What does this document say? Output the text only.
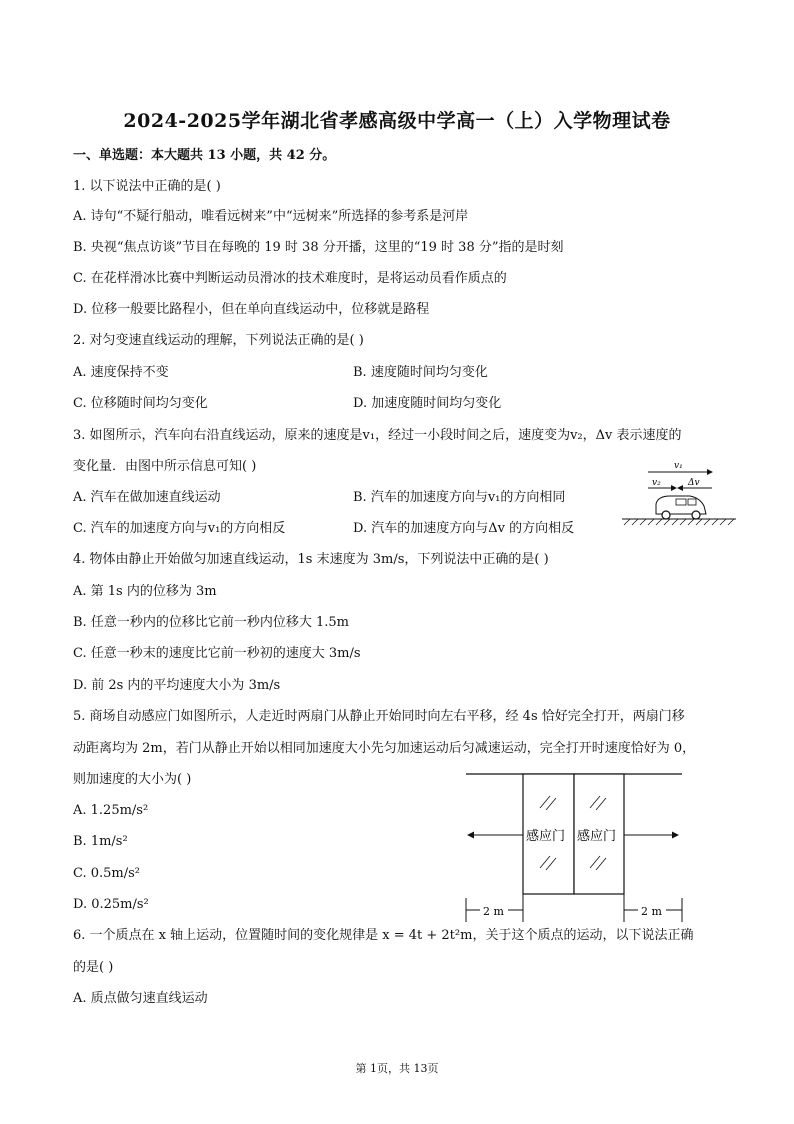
2024-2025学年湖北省孝感高级中学高一（上）入学物理试卷
一、单选题：本大题共 13 小题，共 42 分。
1. 以下说法中正确的是( )
A. 诗句“不疑行船动，唯看远树来”中“远树来”所选择的参考系是河岸
B. 央视“焦点访谈”节目在每晚的 19 时 38 分开播，这里的“19 时 38 分”指的是时刻
C. 在花样滑冰比赛中判断运动员滑冰的技术难度时，是将运动员看作质点的
D. 位移一般要比路程小，但在单向直线运动中，位移就是路程
2. 对匀变速直线运动的理解，下列说法正确的是( )
A. 速度保持不变	B. 速度随时间均匀变化
C. 位移随时间均匀变化	D. 加速度随时间均匀变化
3. 如图所示，汽车向右沿直线运动，原来的速度是v₁，经过一小段时间之后，速度变为v₂，Δv 表示速度的
变化量．由图中所示信息可知( )
A. 汽车在做加速直线运动	B. 汽车的加速度方向与v₁的方向相同
C. 汽车的加速度方向与v₁的方向相反	D. 汽车的加速度方向与Δv 的方向相反
v₁
v₂	Δv
4. 物体由静止开始做匀加速直线运动，1s 末速度为 3m/s，下列说法中正确的是( )
A. 第 1s 内的位移为 3m
B. 任意一秒内的位移比它前一秒内位移大 1.5m
C. 任意一秒末的速度比它前一秒初的速度大 3m/s
D. 前 2s 内的平均速度大小为 3m/s
5. 商场自动感应门如图所示，人走近时两扇门从静止开始同时向左右平移，经 4s 恰好完全打开，两扇门移
动距离均为 2m，若门从静止开始以相同加速度大小先匀加速运动后匀减速运动，完全打开时速度恰好为 0，
则加速度的大小为( )
A. 1.25m/s²
B. 1m/s²
C. 0.5m/s²
D. 0.25m/s²
感应门 感应门
2 m	2 m
6. 一个质点在 x 轴上运动，位置随时间的变化规律是 x = 4t + 2t²m，关于这个质点的运动，以下说法正确
的是( )
A. 质点做匀速直线运动
第 1页，共 13页
